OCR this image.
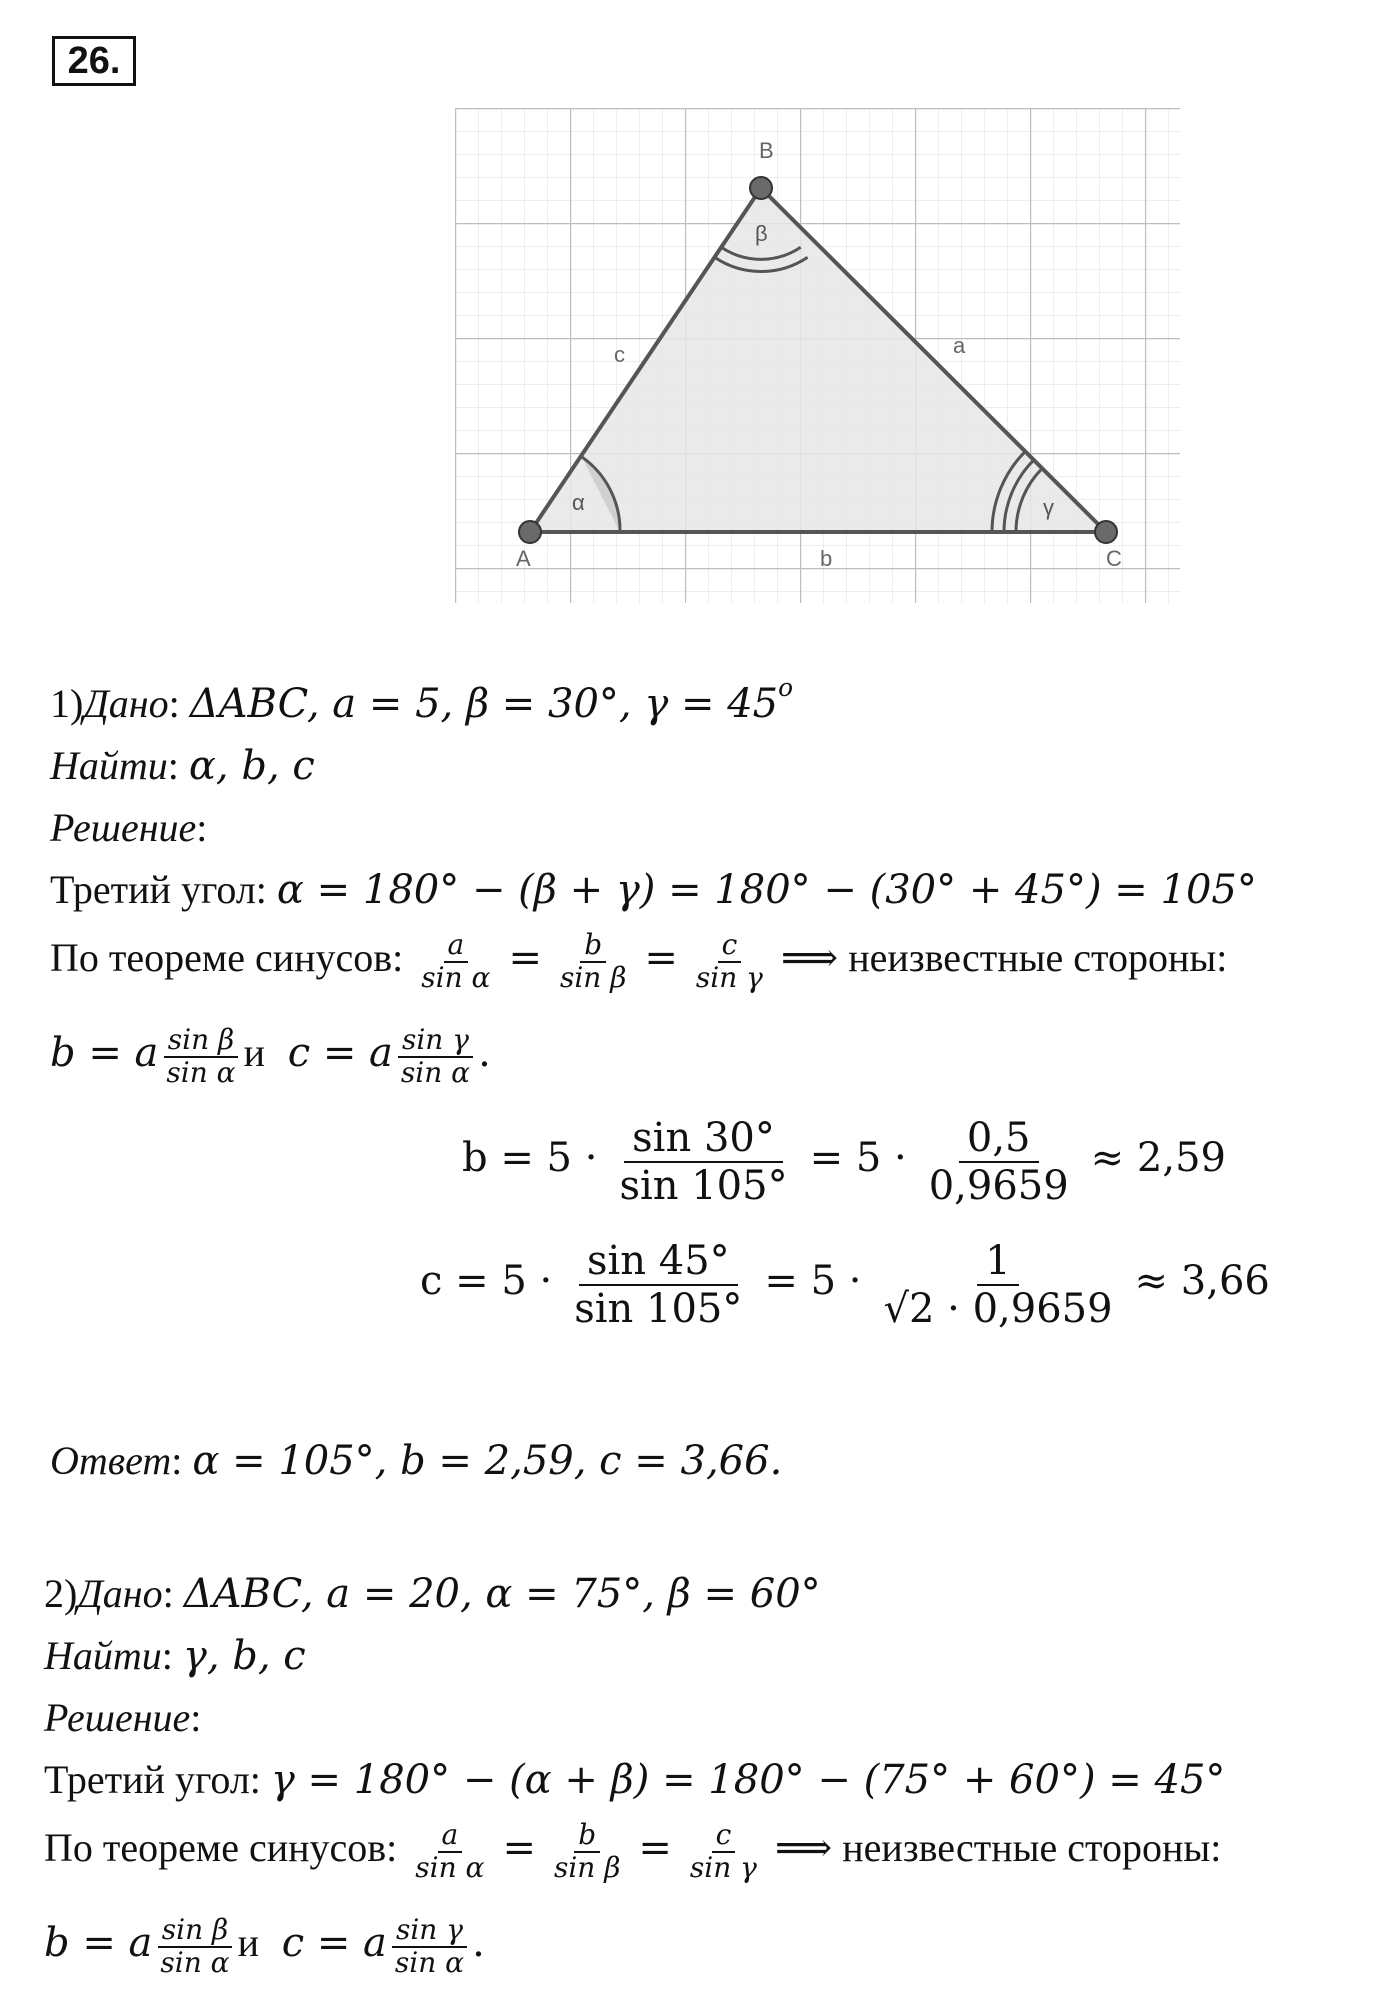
26.
A
B
C
a
b
c
α
β
γ
1)Дано: ΔABC, a = 5, β = 30°, $\gamma = 45^o$
Найти: α, b, c
Решение:
Третий угол: α = 180° − (β + γ) = 180° − (30° + 45°) = 105°
По теореме синусов: $\frac{a}{\text{sin α}} = \frac{b}{\text{sin β}} = \frac{c}{\text{sin γ}}$ ⟹ неизвестные стороны:
b = a $\frac{\text{sin β}}{\text{sin α}}$ и  c = a $\frac{\text{sin γ}}{\text{sin α}}$ .
$b = 5 \cdot \frac{\sin 30^\circ}{\sin 105^\circ} = 5 \cdot \frac{0,5}{0,9659} \approx 2,59$
$c = 5 \cdot \frac{\sin 45^\circ}{\sin 105^\circ} = 5 \cdot \frac{1}{√2 \cdot 0,9659} \approx 3,66$
Ответ: α = 105°, b = 2,59, c = 3,66.
2)Дано: ΔABC, a = 20, α = 75°, β = 60°
Найти: γ, b, c
Решение:
Третий угол: γ = 180° − (α + β) = 180° − (75° + 60°) = 45°
По теореме синусов: $\frac{a}{\text{sin α}} = \frac{b}{\text{sin β}} = \frac{c}{\text{sin γ}}$ ⟹ неизвестные стороны:
b = a $\frac{\text{sin β}}{\text{sin α}}$ и  c = a $\frac{\text{sin γ}}{\text{sin α}}$ .
